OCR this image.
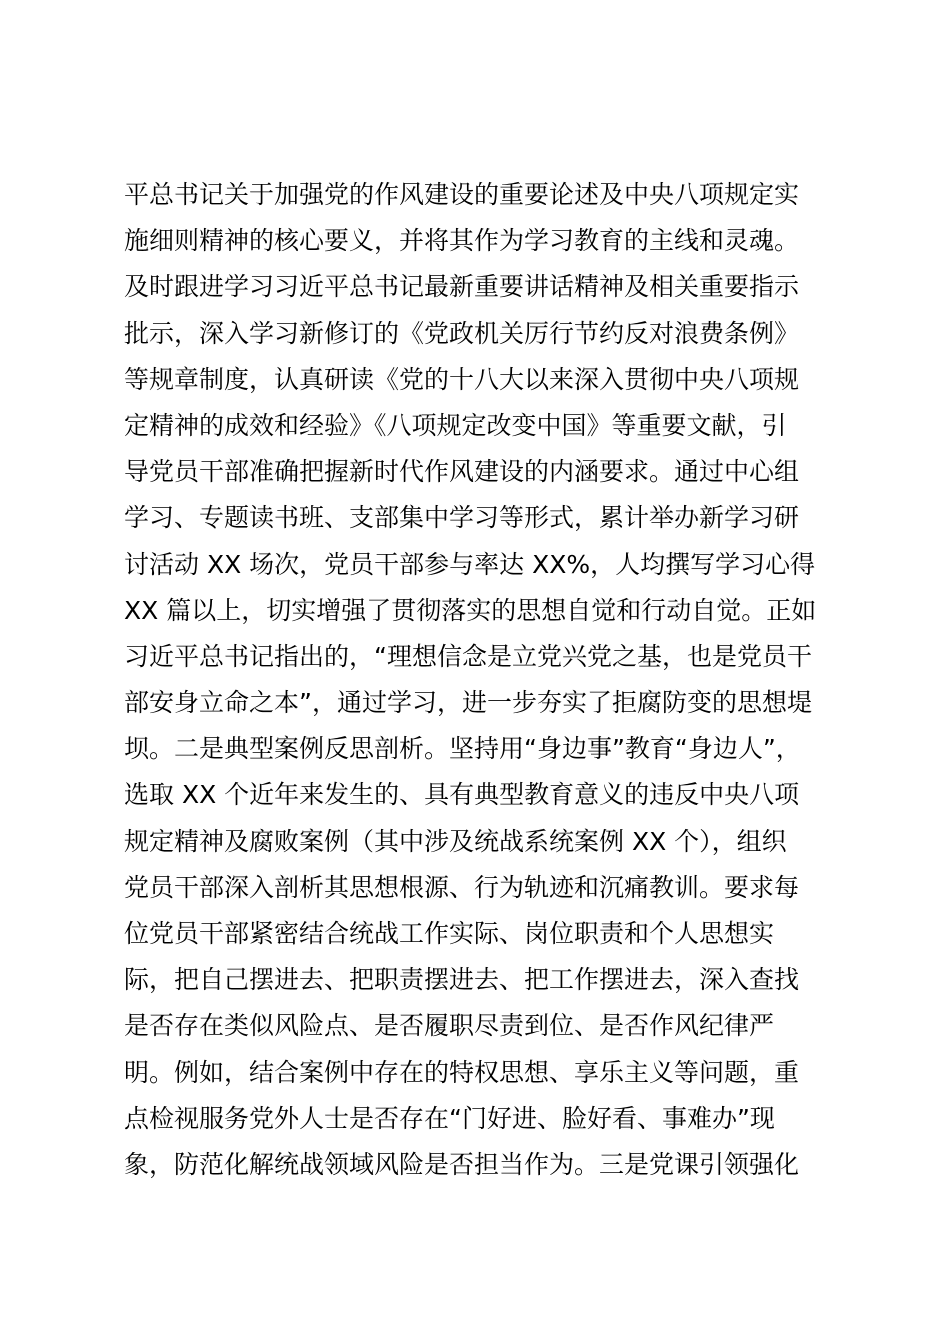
平总书记关于加强党的作风建设的重要论述及中央八项规定实
施细则精神的核心要义，并将其作为学习教育的主线和灵魂。
及时跟进学习习近平总书记最新重要讲话精神及相关重要指示
批示，深入学习新修订的《党政机关厉行节约反对浪费条例》
等规章制度，认真研读《党的十八大以来深入贯彻中央八项规
定精神的成效和经验》《八项规定改变中国》等重要文献，引
导党员干部准确把握新时代作风建设的内涵要求。通过中心组
学习、专题读书班、支部集中学习等形式，累计举办新学习研
讨活动 XX 场次，党员干部参与率达 XX%，人均撰写学习心得
XX 篇以上，切实增强了贯彻落实的思想自觉和行动自觉。正如
习近平总书记指出的，“理想信念是立党兴党之基，也是党员干
部安身立命之本”，通过学习，进一步夯实了拒腐防变的思想堤
坝。二是典型案例反思剖析。坚持用“身边事”教育“身边人”，
选取 XX 个近年来发生的、具有典型教育意义的违反中央八项
规定精神及腐败案例（其中涉及统战系统案例 XX 个），组织
党员干部深入剖析其思想根源、行为轨迹和沉痛教训。要求每
位党员干部紧密结合统战工作实际、岗位职责和个人思想实
际，把自己摆进去、把职责摆进去、把工作摆进去，深入查找
是否存在类似风险点、是否履职尽责到位、是否作风纪律严
明。例如，结合案例中存在的特权思想、享乐主义等问题，重
点检视服务党外人士是否存在“门好进、脸好看、事难办”现
象，防范化解统战领域风险是否担当作为。三是党课引领强化
